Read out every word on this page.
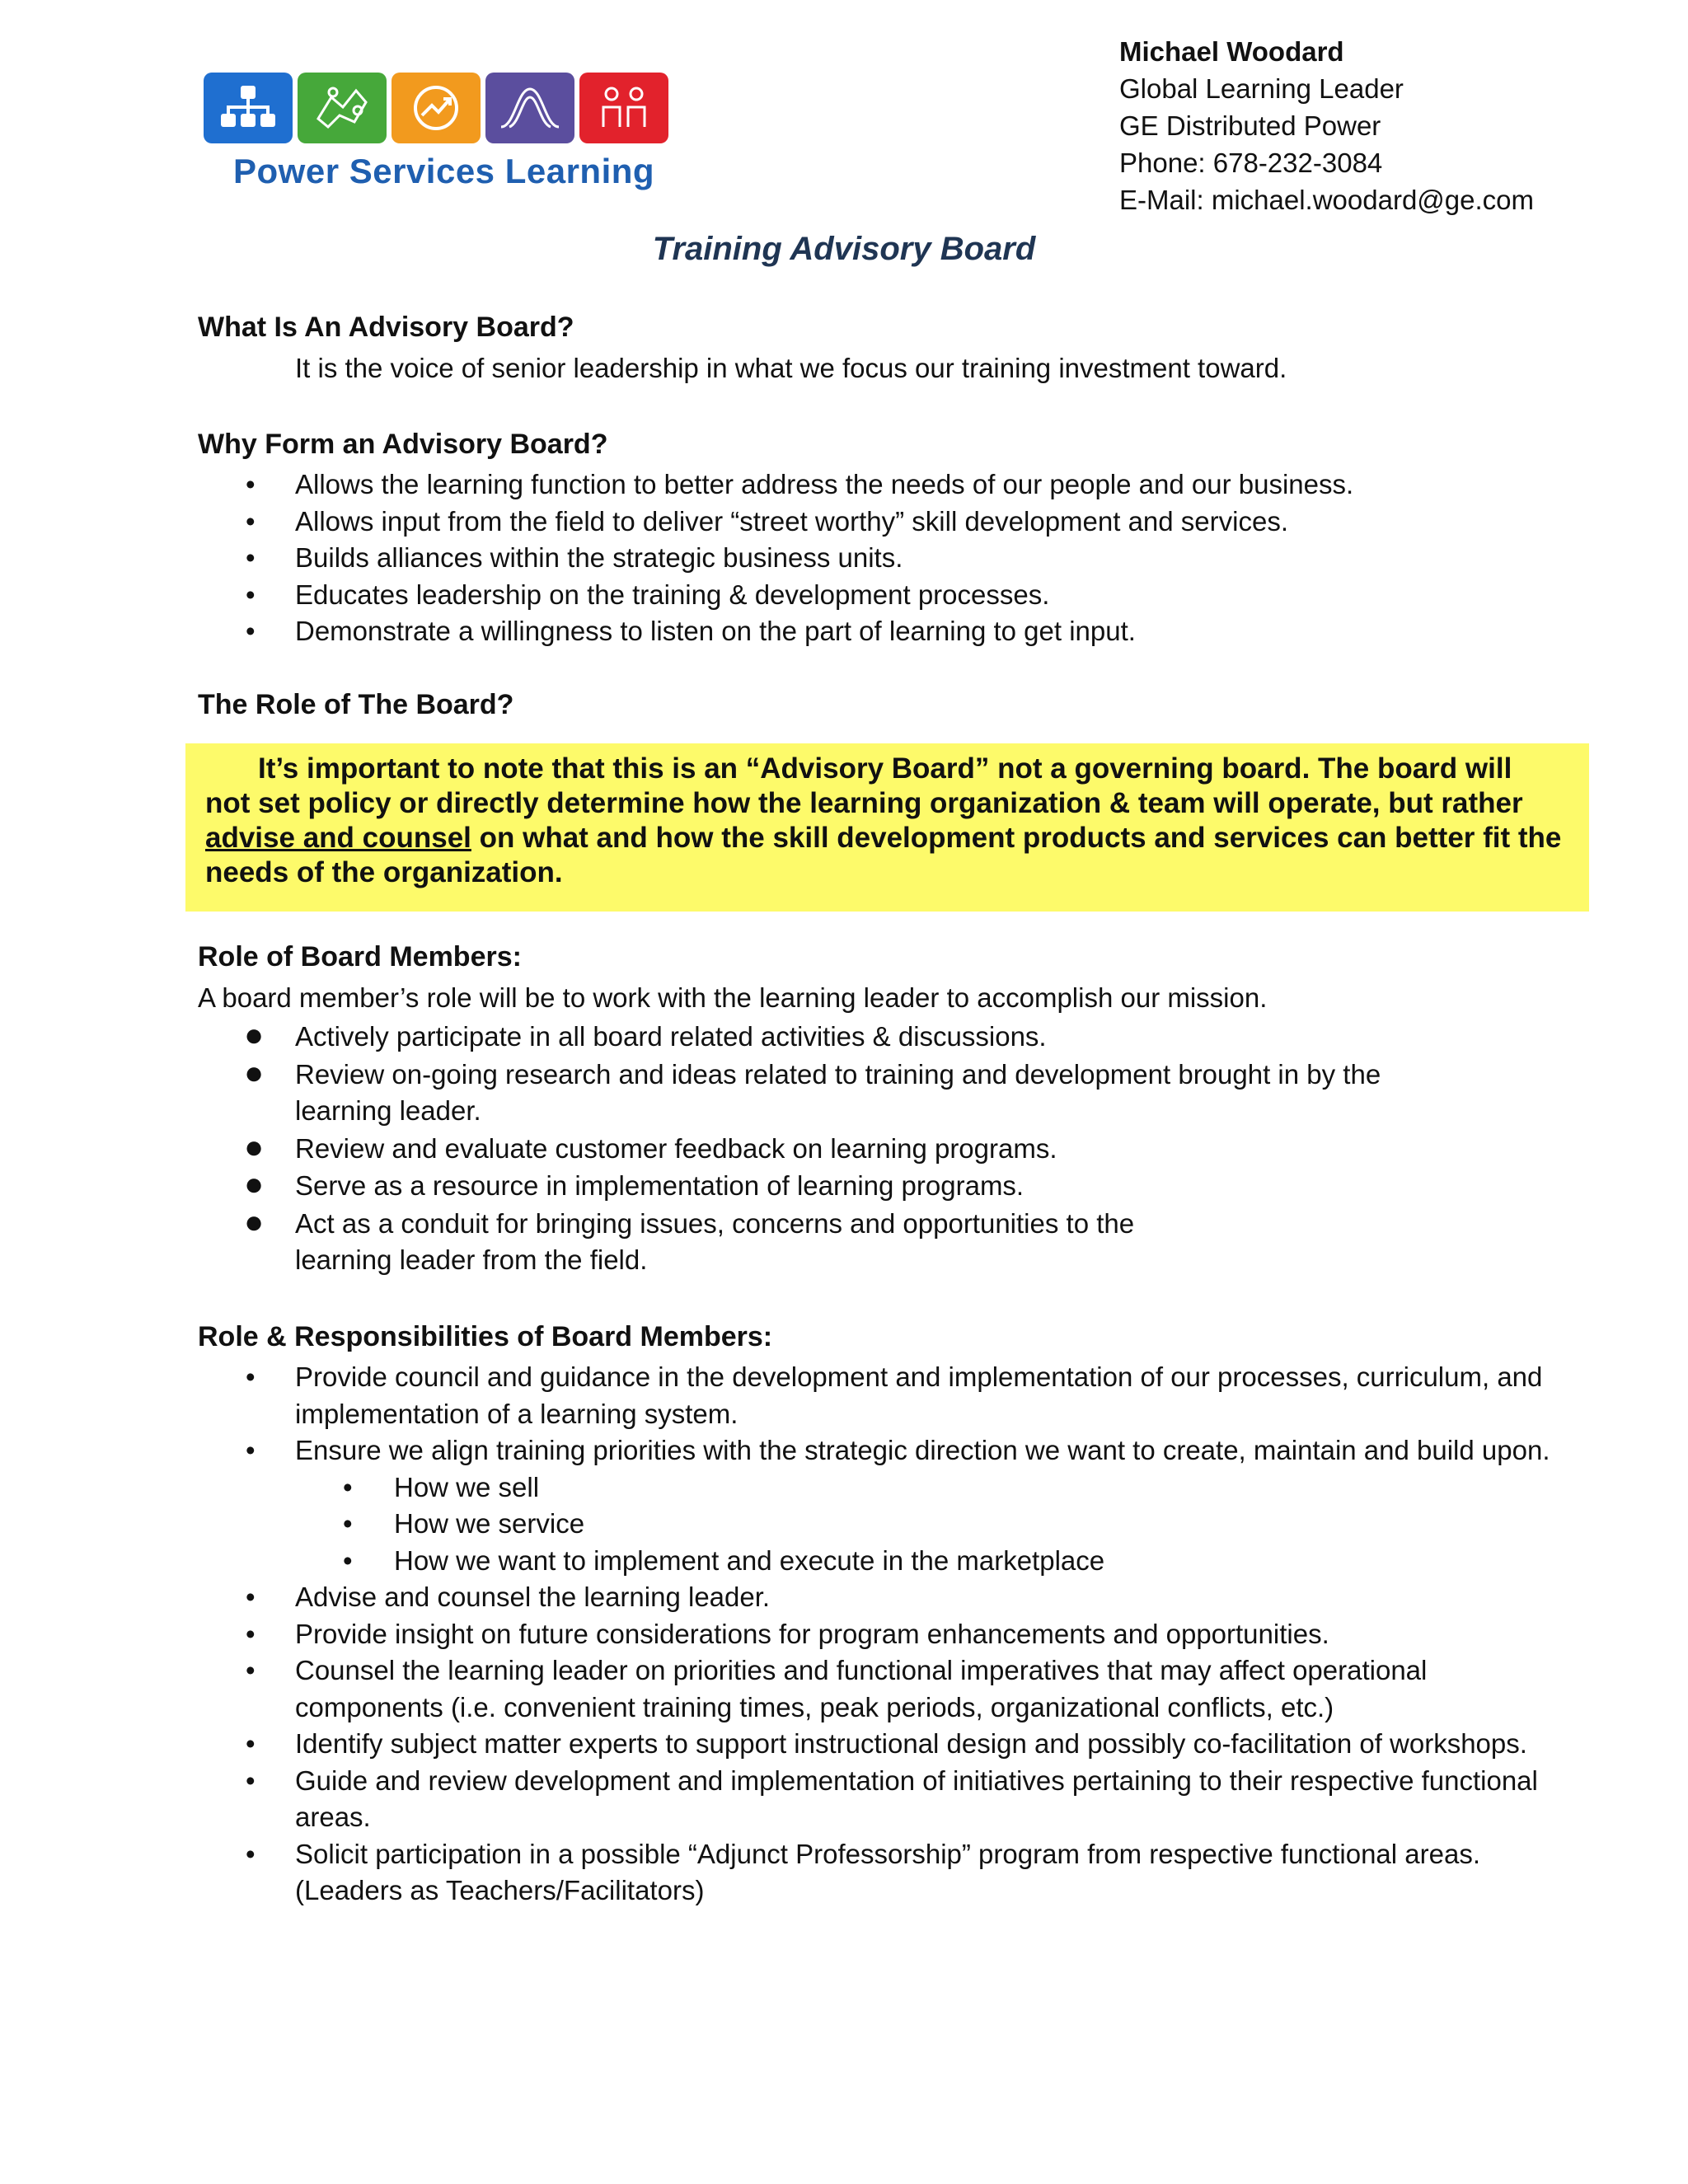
Power Services Learning
Michael Woodard
Global Learning Leader
GE Distributed Power
Phone: 678-232-3084
E-Mail: michael.woodard@ge.com
Training Advisory Board
What Is An Advisory Board?
It is the voice of senior leadership in what we focus our training investment toward.
Why Form an Advisory Board?
• Allows the learning function to better address the needs of our people and our business.
• Allows input from the field to deliver “street worthy” skill development and services.
• Builds alliances within the strategic business units.
• Educates leadership on the training & development processes.
• Demonstrate a willingness to listen on the part of learning to get input.
The Role of The Board?
It’s important to note that this is an “Advisory Board” not a governing board. The board will not set policy or directly determine how the learning organization & team will operate, but rather advise and counsel on what and how the skill development products and services can better fit the needs of the organization.
Role of Board Members:
A board member’s role will be to work with the learning leader to accomplish our mission.
● Actively participate in all board related activities & discussions.
● Review on-going research and ideas related to training and development brought in by the learning leader.
● Review and evaluate customer feedback on learning programs.
● Serve as a resource in implementation of learning programs.
● Act as a conduit for bringing issues, concerns and opportunities to the learning leader from the field.
Role & Responsibilities of Board Members:
• Provide council and guidance in the development and implementation of our processes, curriculum, and implementation of a learning system.
• Ensure we align training priorities with the strategic direction we want to create, maintain and build upon.
• How we sell
• How we service
• How we want to implement and execute in the marketplace
• Advise and counsel the learning leader.
• Provide insight on future considerations for program enhancements and opportunities.
• Counsel the learning leader on priorities and functional imperatives that may affect operational components (i.e. convenient training times, peak periods, organizational conflicts, etc.)
• Identify subject matter experts to support instructional design and possibly co-facilitation of workshops.
• Guide and review development and implementation of initiatives pertaining to their respective functional areas.
• Solicit participation in a possible “Adjunct Professorship” program from respective functional areas. (Leaders as Teachers/Facilitators)
